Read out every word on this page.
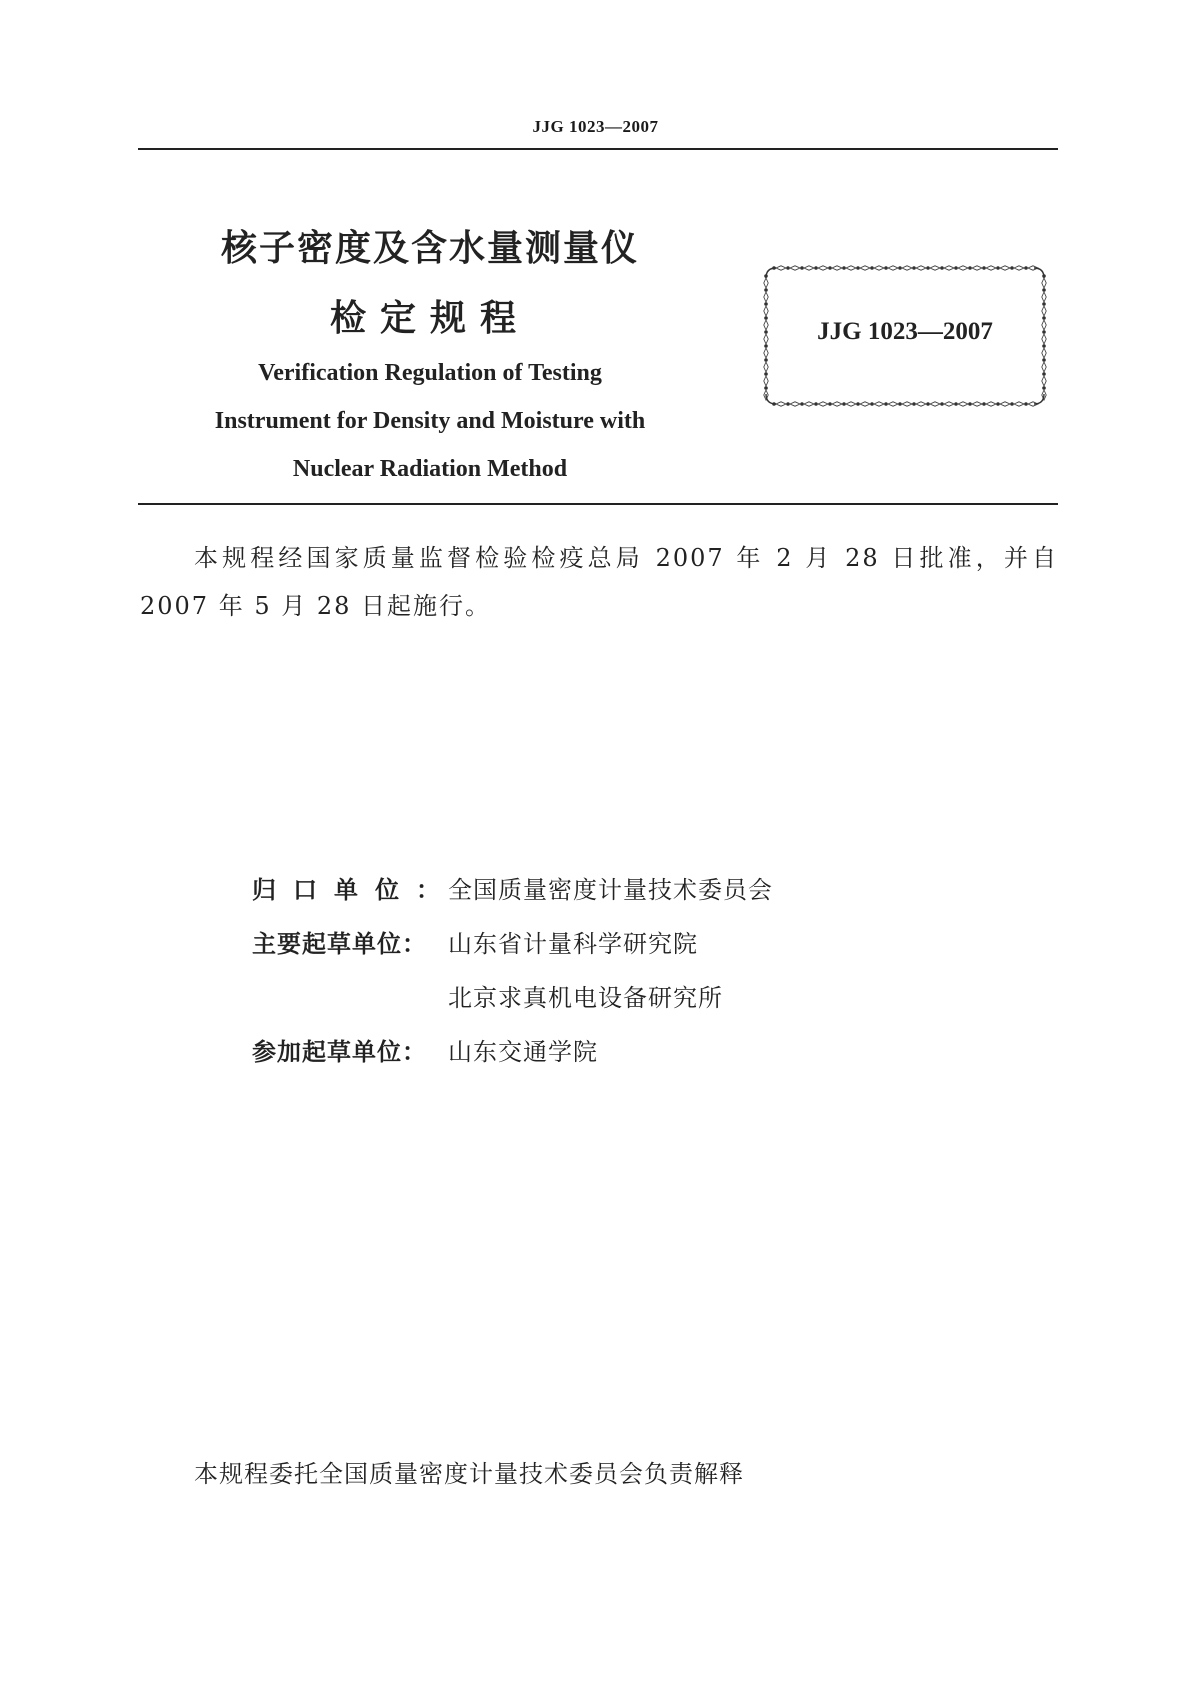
JJG 1023—2007
核子密度及含水量测量仪
检定规程
Verification Regulation of Testing
Instrument for Density and Moisture with
Nuclear Radiation Method
JJG 1023—2007
本规程经国家质量监督检验检疫总局 2007 年 2 月 28 日批准，并自 2007 年 5 月 28 日起施行。
归口单位：全国质量密度计量技术委员会
主要起草单位： 山东省计量科学研究院
北京求真机电设备研究所
参加起草单位： 山东交通学院
本规程委托全国质量密度计量技术委员会负责解释
